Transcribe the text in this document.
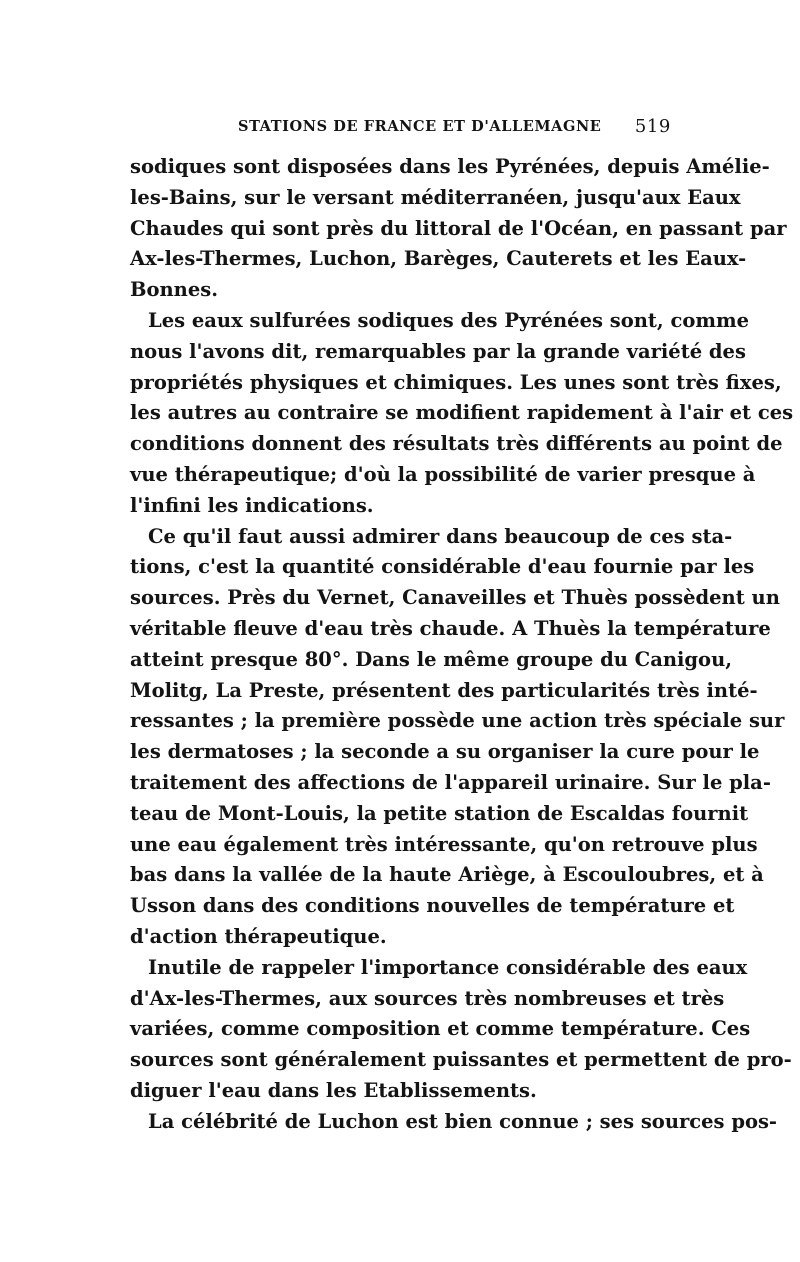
STATIONS DE FRANCE ET D'ALLEMAGNE 519
sodiques sont disposées dans les Pyrénées, depuis Amélie-
les-Bains, sur le versant méditerranéen, jusqu'aux Eaux
Chaudes qui sont près du littoral de l'Océan, en passant par
Ax-les-Thermes, Luchon, Barèges, Cauterets et les Eaux-
Bonnes.
Les eaux sulfurées sodiques des Pyrénées sont, comme
nous l'avons dit, remarquables par la grande variété des
propriétés physiques et chimiques. Les unes sont très fixes,
les autres au contraire se modifient rapidement à l'air et ces
conditions donnent des résultats très différents au point de
vue thérapeutique; d'où la possibilité de varier presque à
l'infini les indications.
Ce qu'il faut aussi admirer dans beaucoup de ces sta-
tions, c'est la quantité considérable d'eau fournie par les
sources. Près du Vernet, Canaveilles et Thuès possèdent un
véritable fleuve d'eau très chaude. A Thuès la température
atteint presque 80°. Dans le même groupe du Canigou,
Molitg, La Preste, présentent des particularités très inté-
ressantes ; la première possède une action très spéciale sur
les dermatoses ; la seconde a su organiser la cure pour le
traitement des affections de l'appareil urinaire. Sur le pla-
teau de Mont-Louis, la petite station de Escaldas fournit
une eau également très intéressante, qu'on retrouve plus
bas dans la vallée de la haute Ariège, à Escouloubres, et à
Usson dans des conditions nouvelles de température et
d'action thérapeutique.
Inutile de rappeler l'importance considérable des eaux
d'Ax-les-Thermes, aux sources très nombreuses et très
variées, comme composition et comme température. Ces
sources sont généralement puissantes et permettent de pro-
diguer l'eau dans les Etablissements.
La célébrité de Luchon est bien connue ; ses sources pos-
